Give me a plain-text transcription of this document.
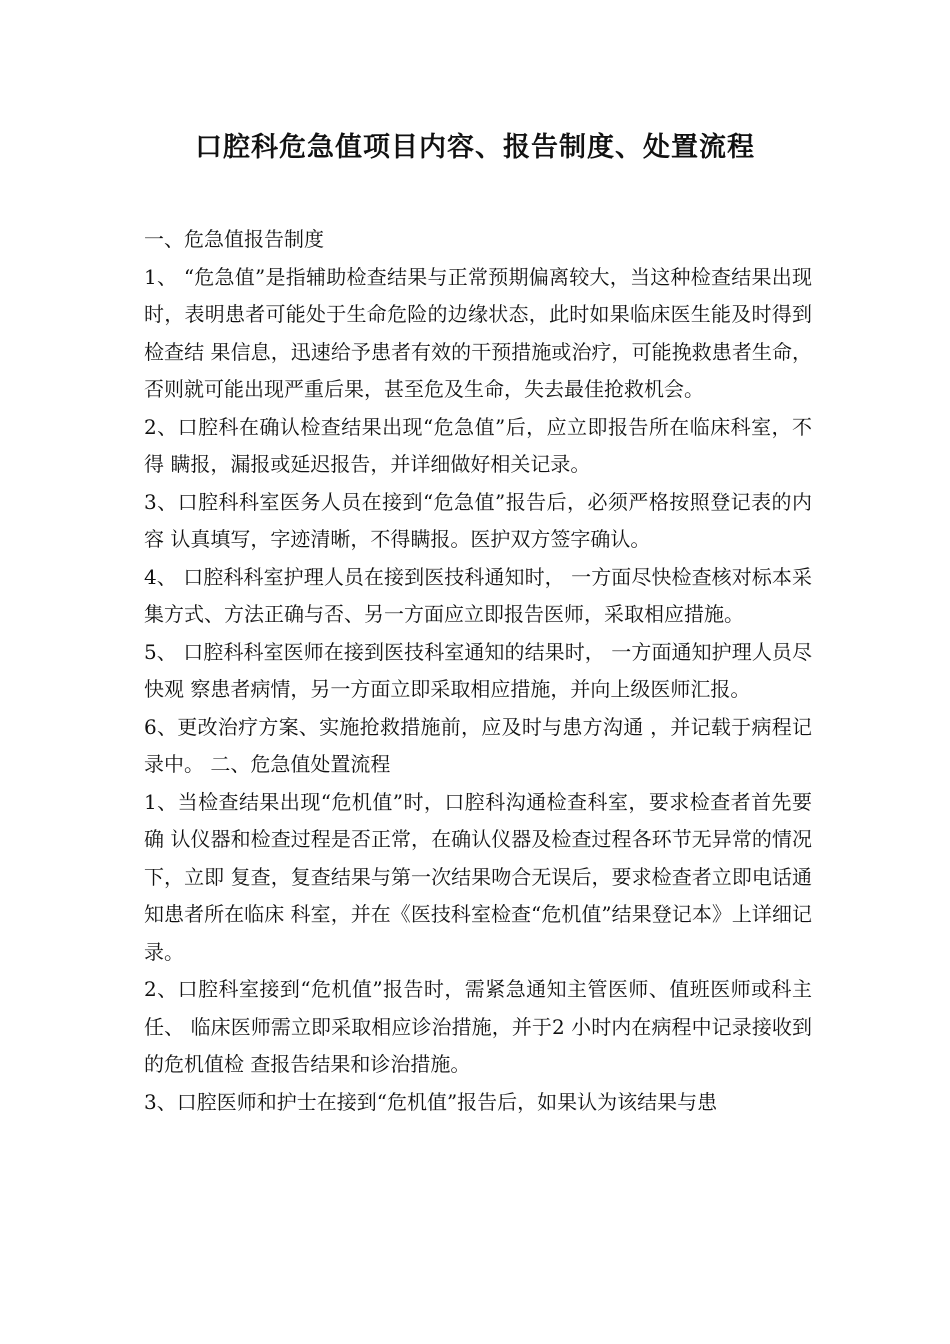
口腔科危急值项目内容、报告制度、处置流程

一、危急值报告制度

1、 “危急值”是指辅助检查结果与正常预期偏离较大，当这种检查结果出现 时，表明患者可能处于生命危险的边缘状态，此时如果临床医生能及时得到检查结 果信息，迅速给予患者有效的干预措施或治疗，可能挽救患者生命，否则就可能出现严重后果，甚至危及生命，失去最佳抢救机会。

2、口腔科在确认检查结果出现“危急值”后，应立即报告所在临床科室，不得 瞒报，漏报或延迟报告，并详细做好相关记录。

3、口腔科科室医务人员在接到“危急值”报告后，必须严格按照登记表的内容 认真填写，字迹清晰，不得瞒报。医护双方签字确认。

4、 口腔科科室护理人员在接到医技科通知时， 一方面尽快检查核对标本采集方式、方法正确与否、另一方面应立即报告医师，采取相应措施。

5、 口腔科科室医师在接到医技科室通知的结果时， 一方面通知护理人员尽快观 察患者病情，另一方面立即采取相应措施，并向上级医师汇报。

6、更改治疗方案、实施抢救措施前，应及时与患方沟通 ，并记载于病程记录中。 二、危急值处置流程

1、当检查结果出现“危机值”时，口腔科沟通检查科室，要求检查者首先要确 认仪器和检查过程是否正常，在确认仪器及检查过程各环节无异常的情况下，立即 复查，复查结果与第一次结果吻合无误后，要求检查者立即电话通知患者所在临床 科室，并在《医技科室检查“危机值”结果登记本》上详细记录。

2、口腔科室接到“危机值”报告时，需紧急通知主管医师、值班医师或科主任、 临床医师需立即采取相应诊治措施，并于2 小时内在病程中记录接收到的危机值检 查报告结果和诊治措施。

3、口腔医师和护士在接到“危机值”报告后，如果认为该结果与患
